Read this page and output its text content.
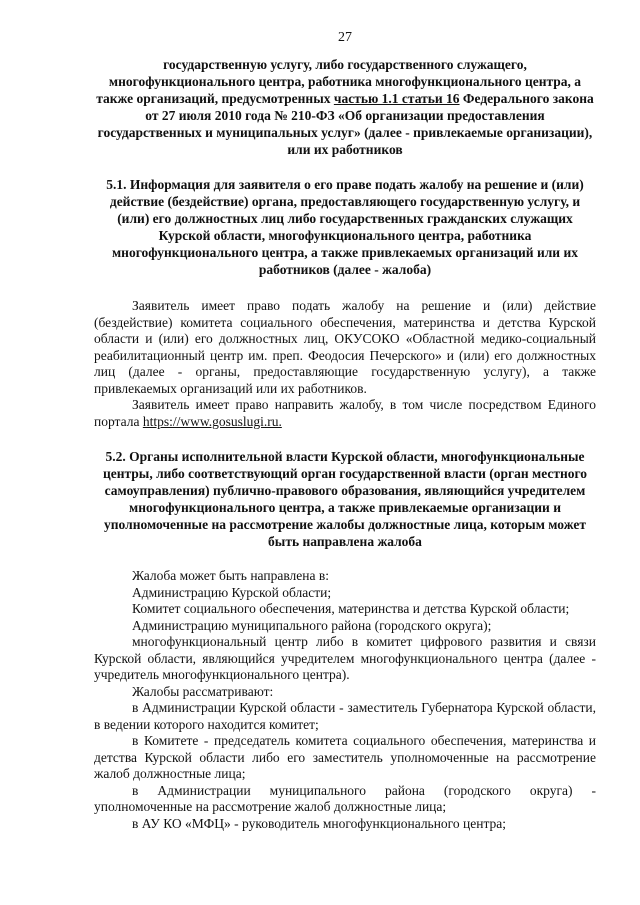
27

государственную услугу, либо государственного служащего, многофункционального центра, работника многофункционального центра, а также организаций, предусмотренных частью 1.1 статьи 16 Федерального закона от 27 июля 2010 года № 210-ФЗ «Об организации предоставления государственных и муниципальных услуг» (далее - привлекаемые организации), или их работников

5.1. Информация для заявителя о его праве подать жалобу на решение и (или) действие (бездействие) органа, предоставляющего государственную услугу, и (или) его должностных лиц либо государственных гражданских служащих Курской области, многофункционального центра, работника многофункционального центра, а также привлекаемых организаций или их работников (далее - жалоба)

Заявитель имеет право подать жалобу на решение и (или) действие (бездействие) комитета социального обеспечения, материнства и детства Курской области и (или) его должностных лиц, ОКУСОКО «Областной медико-социальный реабилитационный центр им. преп. Феодосия Печерского» и (или) его должностных лиц (далее - органы, предоставляющие государственную услугу), а также привлекаемых организаций или их работников.

Заявитель имеет право направить жалобу, в том числе посредством Единого портала https://www.gosuslugi.ru.

5.2. Органы исполнительной власти Курской области, многофункциональные центры, либо соответствующий орган государственной власти (орган местного самоуправления) публично-правового образования, являющийся учредителем многофункционального центра, а также привлекаемые организации и уполномоченные на рассмотрение жалобы должностные лица, которым может быть направлена жалоба

Жалоба может быть направлена в:

Администрацию Курской области;

Комитет социального обеспечения, материнства и детства Курской области;

Администрацию муниципального района (городского округа);

многофункциональный центр либо в комитет цифрового развития и связи Курской области, являющийся учредителем многофункционального центра (далее - учредитель многофункционального центра).

Жалобы рассматривают:

в Администрации Курской области - заместитель Губернатора Курской области, в ведении которого находится комитет;

в Комитете - председатель комитета социального обеспечения, материнства и детства Курской области либо его заместитель уполномоченные на рассмотрение жалоб должностные лица;

в Администрации муниципального района (городского округа) - уполномоченные на рассмотрение жалоб должностные лица;

в АУ КО «МФЦ» - руководитель многофункционального центра;
